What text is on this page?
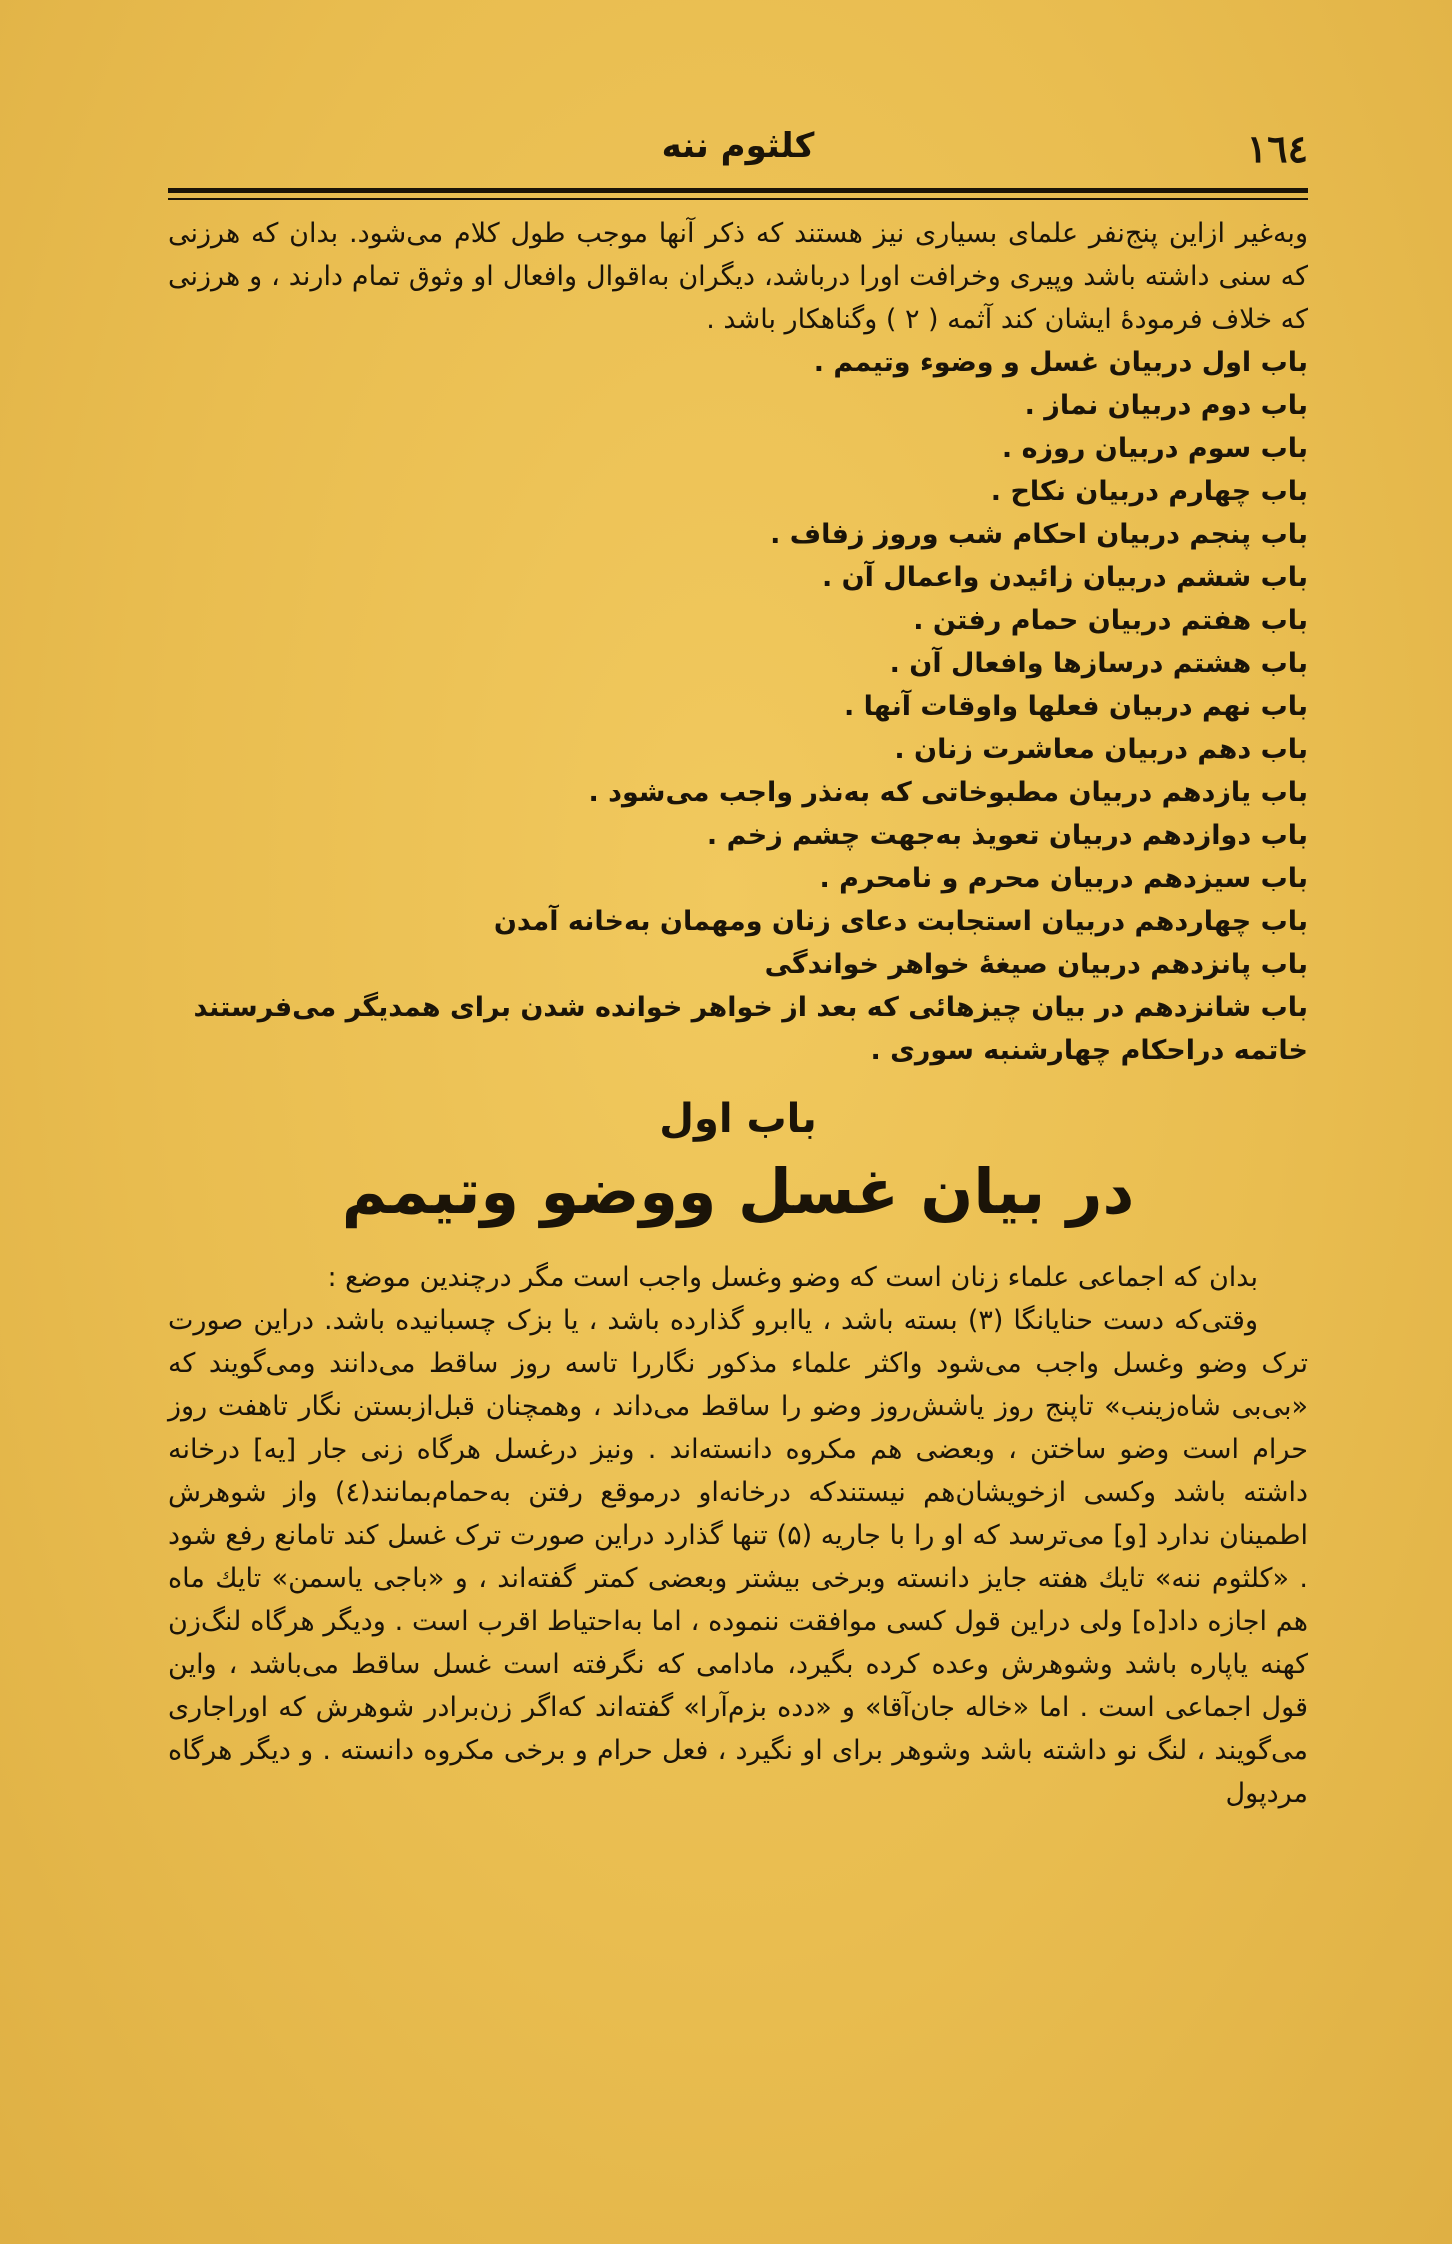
١٦٤
کلثوم ننه

وبه‌غیر ازاین پنج‌نفر علمای بسیاری نیز هستند که ذکر آنها موجب طول کلام می‌شود. بدان که هرزنی که سنی داشته باشد وپیری وخرافت اورا درباشد، دیگران به‌اقوال وافعال او وثوق تمام دارند ، و هرزنی که خلاف فرمودهٔ ایشان کند آثمه ( ۲ ) وگناهکار باشد .

باب اول دربیان غسل و وضوء وتیمم .
باب دوم دربیان نماز .
باب سوم دربیان روزه .
باب چهارم دربیان نکاح .
باب پنجم دربیان احکام شب وروز زفاف .
باب ششم دربیان زائیدن واعمال آن .
باب هفتم دربیان حمام رفتن .
باب هشتم درسازها وافعال آن .
باب نهم دربیان فعلها واوقات آنها .
باب دهم دربیان معاشرت زنان .
باب یازدهم دربیان مطبوخاتی که به‌نذر واجب می‌شود .
باب دوازدهم دربیان تعویذ به‌جهت چشم زخم .
باب سیزدهم دربیان محرم و نامحرم .
باب چهاردهم دربیان استجابت دعای زنان ومهمان به‌خانه آمدن
باب پانزدهم دربیان صیغهٔ خواهر خواندگی
باب شانزدهم در بیان چیزهائی که بعد از خواهر خوانده شدن برای همدیگر می‌فرستند
خاتمه دراحکام چهارشنبه سوری .
باب اول
در بیان غسل ووضو وتیمم

بدان که اجماعی علماء زنان است که وضو وغسل واجب است مگر درچندین موضع :

وقتی‌که دست حنایانگا (۳) بسته باشد ، یاابرو گذارده باشد ، یا بزک چسبانیده باشد. دراین صورت ترک وضو وغسل واجب می‌شود واکثر علماء مذکور نگاررا تاسه روز ساقط می‌دانند ومی‌گویند که «بی‌بی شاه‌زینب» تاپنج روز یاشش‌روز وضو را ساقط می‌داند ، وهمچنان قبل‌ازبستن نگار تاهفت روز حرام است وضو ساختن ، وبعضی هم مکروه دانسته‌اند . ونیز درغسل هرگاه زنی جار [یه] درخانه داشته باشد وکسی ازخویشان‌هم نیستندکه درخانه‌او درموقع رفتن به‌حمام‌بمانند(٤) واز شوهرش اطمینان ندارد [و] می‌ترسد که او را با جاریه (۵) تنها گذارد دراین صورت ترک غسل کند تامانع رفع شود . «کلثوم ننه» تایك هفته جایز دانسته وبرخی بیشتر وبعضی کمتر گفته‌اند ، و «باجی یاسمن» تایك ماه هم اجازه داد[ه] ولی دراین قول کسی موافقت ننموده ، اما به‌احتیاط اقرب است . ودیگر هرگاه لنگ‌زن کهنه یاپاره باشد وشوهرش وعده کرده بگیرد، مادامی که نگرفته است غسل ساقط می‌باشد ، واین قول اجماعی است . اما «خاله جان‌آقا» و «دده بزم‌آرا» گفته‌اند که‌اگر زن‌برادر شوهرش که اوراجاری می‌گویند ، لنگ نو داشته باشد وشوهر برای او نگیرد ، فعل حرام و برخی مکروه دانسته . و دیگر هرگاه مردپول
